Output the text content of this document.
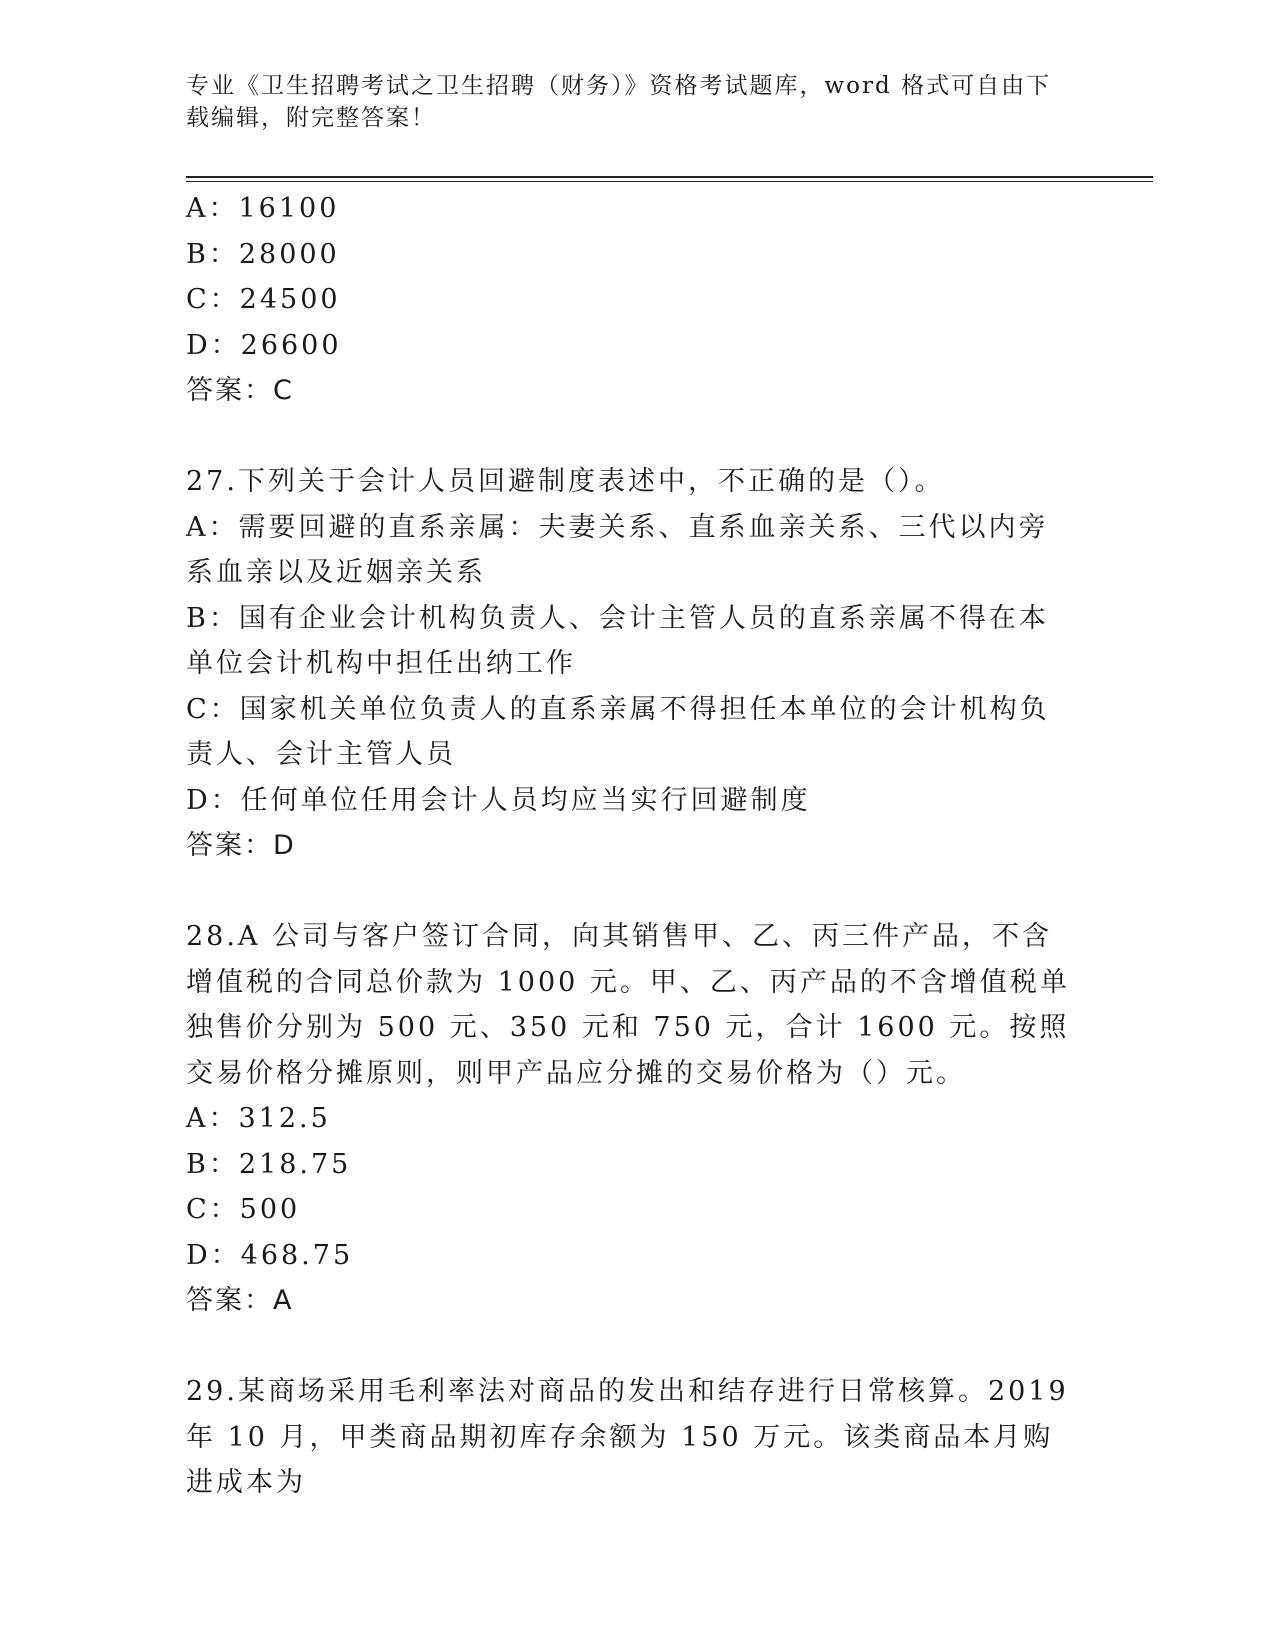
专业《卫生招聘考试之卫生招聘（财务）》资格考试题库，word 格式可自由下载编辑，附完整答案！
A：16100
B：28000
C：24500
D：26600
答案：C
27.下列关于会计人员回避制度表述中，不正确的是（）。
A：需要回避的直系亲属：夫妻关系、直系血亲关系、三代以内旁系血亲以及近姻亲关系
B：国有企业会计机构负责人、会计主管人员的直系亲属不得在本单位会计机构中担任出纳工作
C：国家机关单位负责人的直系亲属不得担任本单位的会计机构负责人、会计主管人员
D：任何单位任用会计人员均应当实行回避制度
答案：D
28.A 公司与客户签订合同，向其销售甲、乙、丙三件产品，不含增值税的合同总价款为 1000 元。甲、乙、丙产品的不含增值税单独售价分别为 500 元、350 元和 750 元，合计 1600 元。按照交易价格分摊原则，则甲产品应分摊的交易价格为（）元。
A：312.5
B：218.75
C：500
D：468.75
答案：A
29.某商场采用毛利率法对商品的发出和结存进行日常核算。2019 年 10 月，甲类商品期初库存余额为 150 万元。该类商品本月购进成本为
